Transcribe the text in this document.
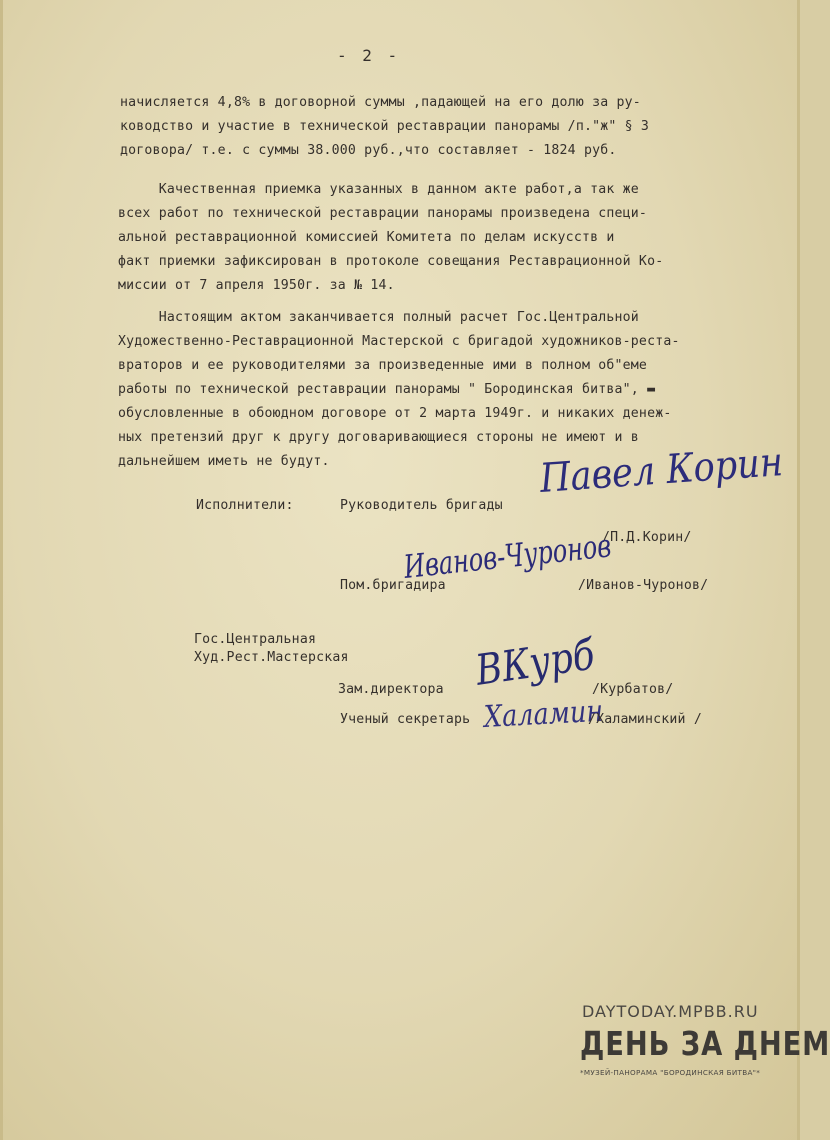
- 2 -

начисляется 4,8% в договорной суммы ,падающей на его долю за ру-

ководство и участие в технической реставрации панорамы /п."ж" § 3

договора/ т.е. с суммы 38.000 руб.,что составляет - 1824 руб.

Качественная приемка указанных в данном акте работ,а так же

всех работ по технической реставрации панорамы произведена специ-

альной реставрационной комиссией Комитета по делам искусств и

факт приемки зафиксирован в протоколе совещания Реставрационной Ко-

миссии от 7 апреля 1950г. за № 14.

Настоящим актом заканчивается полный расчет Гос.Центральной

Художественно-Реставрационной Мастерской с бригадой художников-рестa-

враторов и ее руководителями за произведенные ими в полном об"еме

работы по технической реставрации панорамы " Бородинская битва", ▬

обусловленные в обоюдном договоре от 2 марта 1949г. и никаких денеж-

ных претензий друг к другу договаривающиеся стороны не имеют и в

дальнейшем иметь не будут.

Исполнители:	Руководитель бригады
Павел Корин
/П.Д.Корин/
Иванов-Чуронов
Пом.бригадира	/Иванов-Чуронов/
Гос.Центральная
Худ.Рест.Мастерская
Зам.директора ВКурб
/Курбатов/
Ученый секретарь Халамин
/Халаминский /
DAYTODAY.MPBB.RU
ДЕНЬ ЗА ДНЕМ
*МУЗЕЙ-ПАНОРАМА "БОРОДИНСКАЯ БИТВА"*
